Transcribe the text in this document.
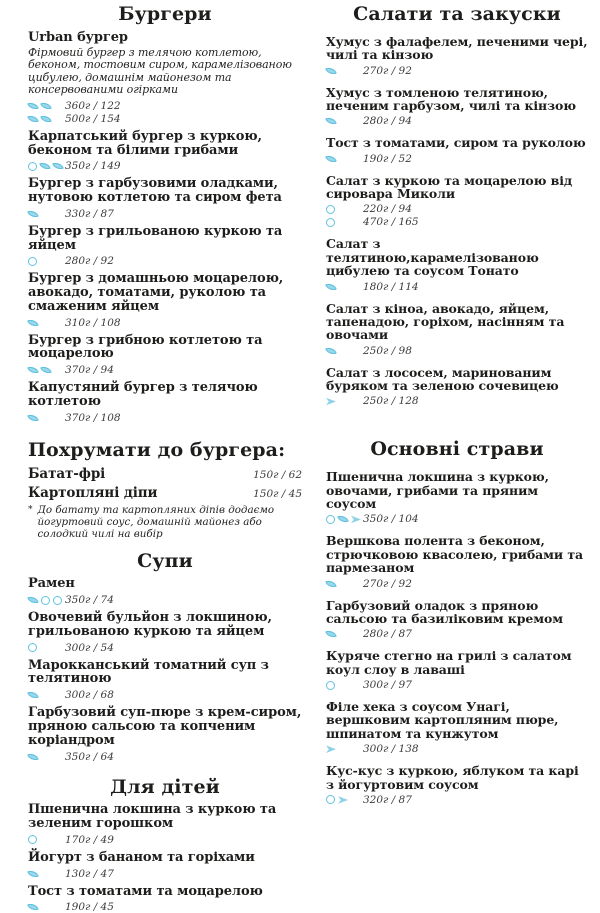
Бургери
Urban бургер
Фірмовий бургер з телячою котлетою, беконом, тостовим сиром, карамелізованою цибулею, домашнім майонезом та консервованими огірками
360г / 122
500г / 154
Карпатський бургер з куркою, беконом та білими грибами
350г / 149
Бургер з гарбузовими оладками, нутовою котлетою та сиром фета
330г / 87
Бургер з грильованою куркою та яйцем
280г / 92
Бургер з домашньою моцарелою, авокадо, томатами, руколою та смаженим яйцем
310г / 108
Бургер з грибною котлетою та моцарелою
370г / 94
Капустяний бургер з телячою котлетою
370г / 108
Похрумати до бургера:
Батат-фрі	150г / 62
Картопляні діпи	150г / 45
* До батату та картопляних діпів додаємо йогуртовий соус, домашній майонез або солодкий чилі на вибір
Супи
Рамен
350г / 74
Овочевий бульйон з локшиною, грильованою куркою та яйцем
300г / 54
Марокканський томатний суп з телятиною
300г / 68
Гарбузовий суп-пюре з крем-сиром, пряною сальсою та копченим коріандром
350г / 64
Для дітей
Пшенична локшина з куркою та зеленим горошком
170г / 49
Йогурт з бананом та горіхами
130г / 47
Тост з томатами та моцарелою
190г / 45
Салати та закуски
Хумус з фалафелем, печеними чері, чилі та кінзою
270г / 92
Хумус з томленою телятиною, печеним гарбузом, чилі та кінзою
280г / 94
Тост з томатами, сиром та руколою
190г / 52
Салат з куркою та моцарелою від сировара Миколи
220г / 94
470г / 165
Салат з телятиною,карамелізованою цибулею та соусом Тонато
180г / 114
Салат з кіноа, авокадо, яйцем, тапенадою, горіхом, насінням та овочами
250г / 98
Салат з лососем, маринованим буряком та зеленою сочевицею
250г / 128
Основні страви
Пшенична локшина з куркою, овочами, грибами та пряним соусом
350г / 104
Вершкова полента з беконом, стрючковою квасолею, грибами та пармезаном
270г / 92
Гарбузовий оладок з пряною сальсою та базиліковим кремом
280г / 87
Куряче стегно на грилі з салатом коул слоу в лаваші
300г / 97
Філе хека з соусом Унагі, вершковим картопляним пюре, шпинатом та кунжутом
300г / 138
Кус-кус з куркою, яблуком та карі з йогуртовим соусом
320г / 87
